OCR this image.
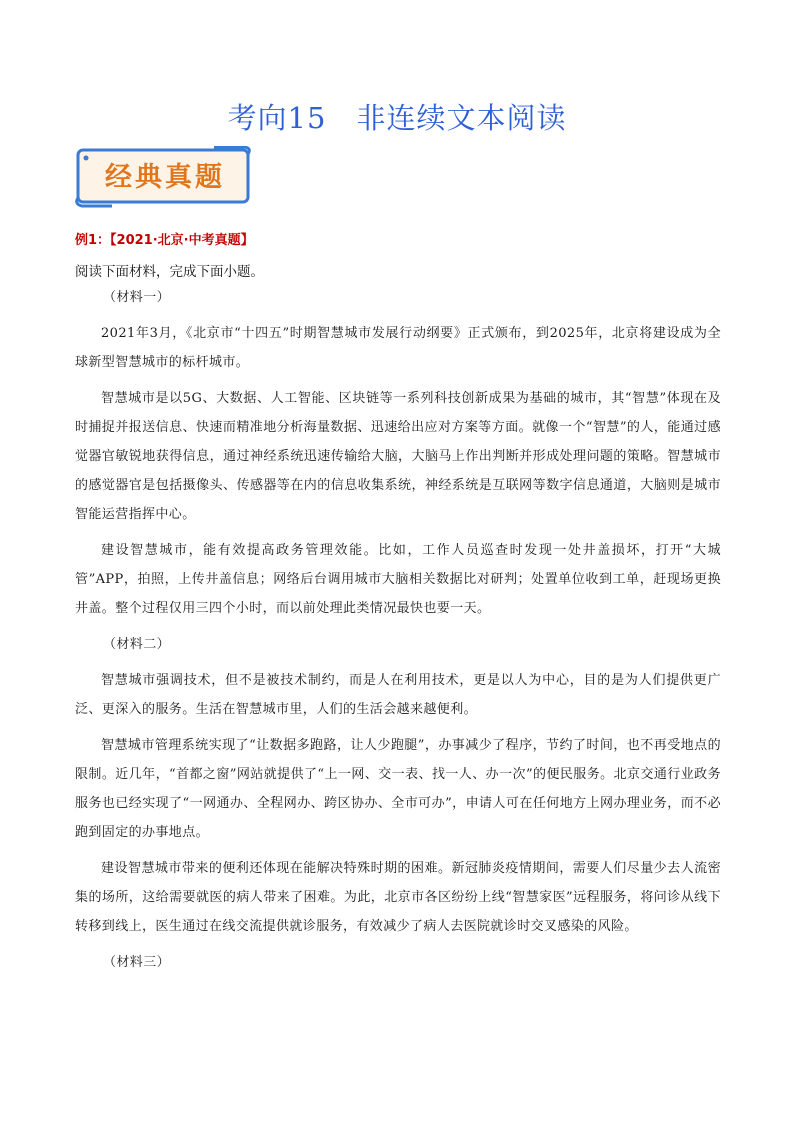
考向15 非连续文本阅读
经典真题
例1：【2021·北京·中考真题】
阅读下面材料，完成下面小题。

（材料一）

2021年3月，《北京市“十四五”时期智慧城市发展行动纲要》正式颁布，到2025年，北京将建设成为全球新型智慧城市的标杆城市。

智慧城市是以5G、大数据、人工智能、区块链等一系列科技创新成果为基础的城市，其“智慧”体现在及时捕捉并报送信息、快速而精准地分析海量数据、迅速给出应对方案等方面。就像一个“智慧”的人，能通过感觉器官敏锐地获得信息，通过神经系统迅速传输给大脑，大脑马上作出判断并形成处理问题的策略。智慧城市的感觉器官是包括摄像头、传感器等在内的信息收集系统，神经系统是互联网等数字信息通道，大脑则是城市智能运营指挥中心。

建设智慧城市，能有效提高政务管理效能。比如，工作人员巡查时发现一处井盖损坏，打开“大城管”APP，拍照，上传井盖信息；网络后台调用城市大脑相关数据比对研判；处置单位收到工单，赶现场更换井盖。整个过程仅用三四个小时，而以前处理此类情况最快也要一天。

（材料二）

智慧城市强调技术，但不是被技术制约，而是人在利用技术，更是以人为中心，目的是为人们提供更广泛、更深入的服务。生活在智慧城市里，人们的生活会越来越便利。

智慧城市管理系统实现了“让数据多跑路，让人少跑腿”，办事减少了程序，节约了时间，也不再受地点的限制。近几年，“首都之窗”网站就提供了“上一网、交一表、找一人、办一次”的便民服务。北京交通行业政务服务也已经实现了“一网通办、全程网办、跨区协办、全市可办”，申请人可在任何地方上网办理业务，而不必跑到固定的办事地点。

建设智慧城市带来的便利还体现在能解决特殊时期的困难。新冠肺炎疫情期间，需要人们尽量少去人流密集的场所，这给需要就医的病人带来了困难。为此，北京市各区纷纷上线“智慧家医”远程服务，将问诊从线下转移到线上，医生通过在线交流提供就诊服务，有效减少了病人去医院就诊时交叉感染的风险。

（材料三）
